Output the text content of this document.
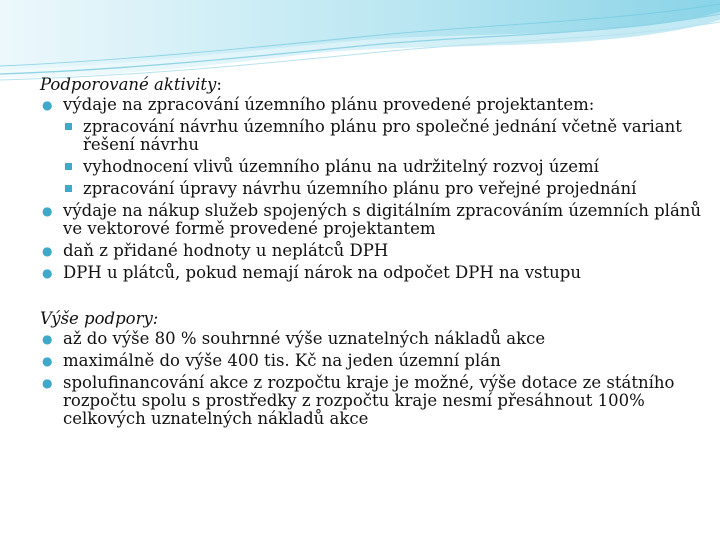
Podporované aktivity:

● výdaje na zpracování územního plánu provedené projektantem:
zpracování návrhu územního plánu pro společné jednání včetně variant řešení návrhu
vyhodnocení vlivů územního plánu na udržitelný rozvoj území
zpracování úpravy návrhu územního plánu pro veřejné projednání
● výdaje na nákup služeb spojených s digitálním zpracováním územních plánů ve vektorové formě provedené projektantem
● daň z přidané hodnoty u neplátců DPH
● DPH u plátců, pokud nemají nárok na odpočet DPH na vstupu

Výše podpory:

● až do výše 80 % souhrnné výše uznatelných nákladů akce
● maximálně do výše 400 tis. Kč na jeden územní plán
● spolufinancování akce z rozpočtu kraje je možné, výše dotace ze státního rozpočtu spolu s prostředky z rozpočtu kraje nesmí přesáhnout 100% celkových uznatelných nákladů akce
